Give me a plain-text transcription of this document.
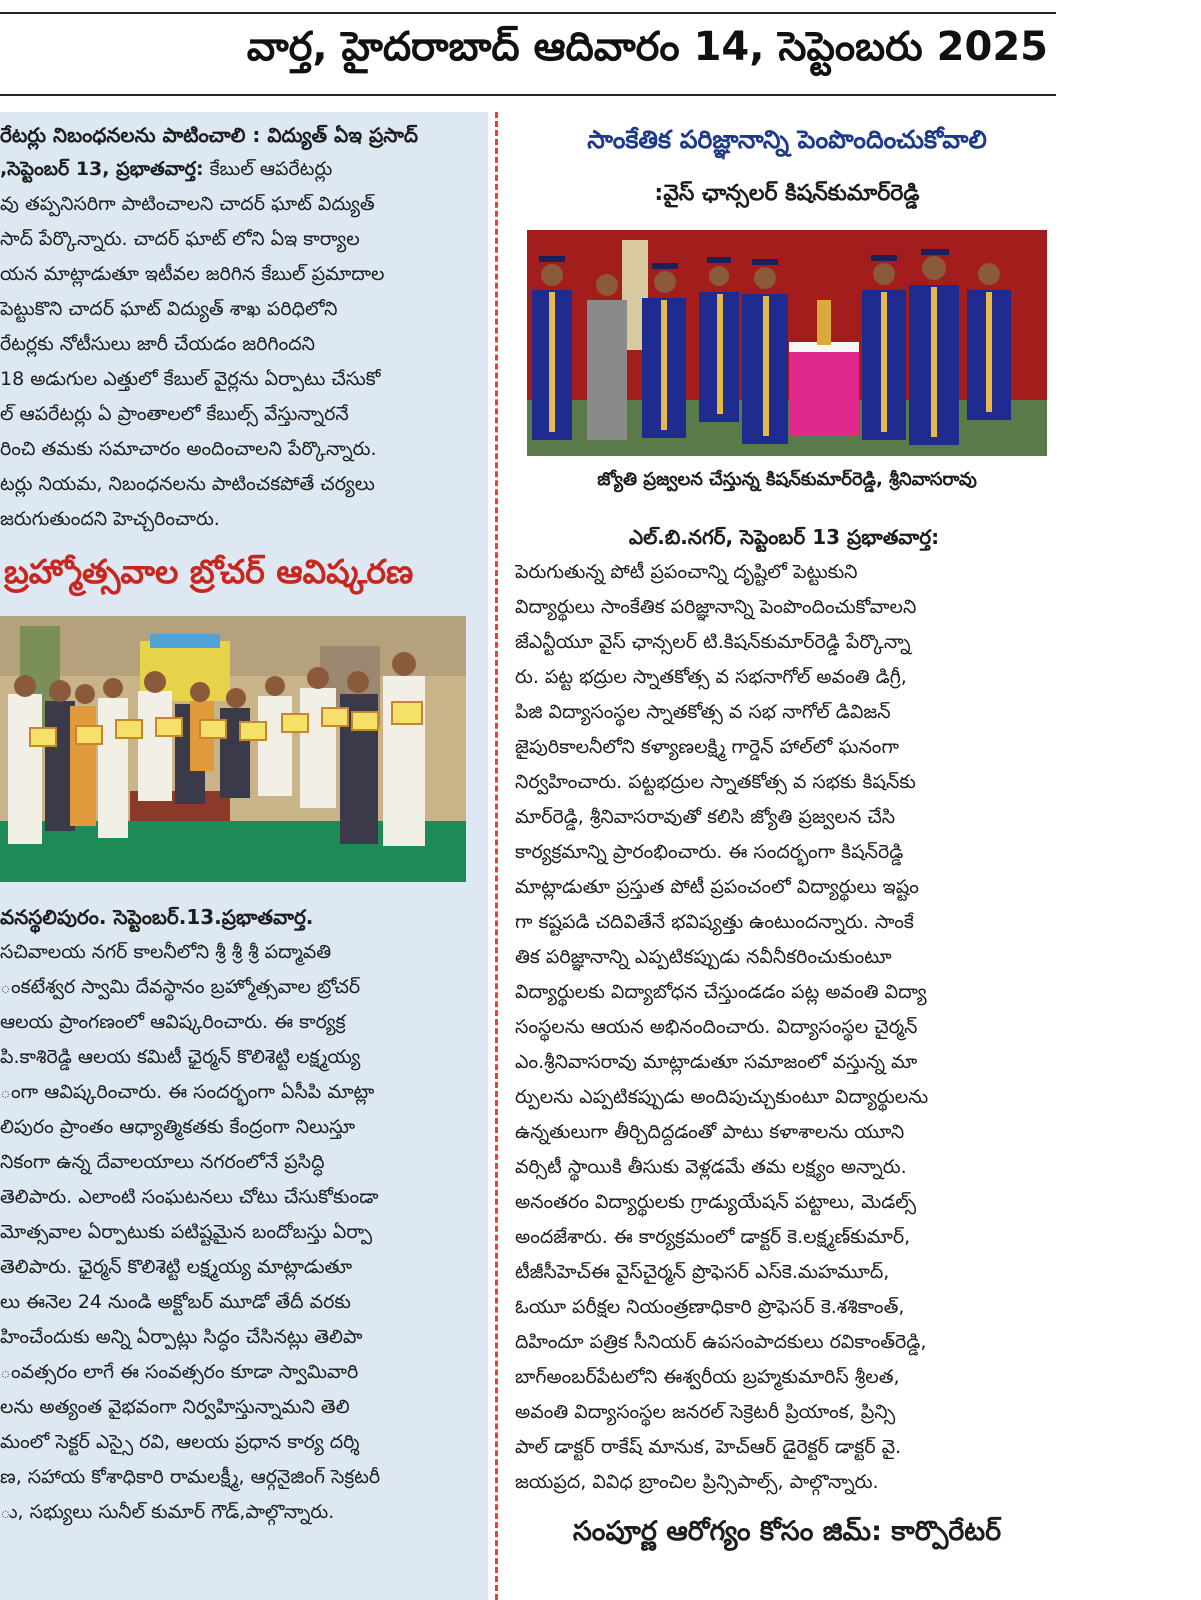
వార్త, హైదరాబాద్ ఆదివారం 14, సెప్టెంబరు 2025

రేటర్లు నిబంధనలను పాటించాలి : విద్యుత్ ఏఇ ప్రసాద్

,సెప్టెంబర్ 13, ప్రభాతవార్త: కేబుల్ ఆపరేటర్లు
వు తప్పనిసరిగా పాటించాలని చాదర్ ఘాట్ విద్యుత్
సాద్ పేర్కొన్నారు. చాదర్ ఘాట్ లోని ఏఇ కార్యాల
యన మాట్లాడుతూ ఇటీవల జరిగిన కేబుల్ ప్రమాదాల
పెట్టుకొని చాదర్ ఘాట్ విద్యుత్ శాఖ పరిధిలోని
రేటర్లకు నోటీసులు జారీ చేయడం జరిగిందని
18 అడుగుల ఎత్తులో కేబుల్ వైర్లను ఏర్పాటు చేసుకో
ల్ ఆపరేటర్లు ఏ ప్రాంతాలలో కేబుల్స్ వేస్తున్నారనే
రించి తమకు సమాచారం అందించాలని పేర్కొన్నారు.
టర్లు నియమ, నిబంధనలను పాటించకపోతే చర్యలు
జరుగుతుందని హెచ్చరించారు.

బ్రహ్మోత్సవాల బ్రోచర్ ఆవిష్కరణ

వనస్థలిపురం. సెప్టెంబర్.13.ప్రభాతవార్త.

సచివాలయ నగర్ కాలనీలోని శ్రీ శ్రీ శ్రీ పద్మావతి
ంకటేశ్వర స్వామి దేవస్థానం బ్రహ్మోత్సవాల బ్రోచర్
ఆలయ ప్రాంగణంలో ఆవిష్కరించారు. ఈ కార్యక్ర
పి.కాశిరెడ్డి ఆలయ కమిటీ ఛైర్మన్ కొలిశెట్టి లక్ష్మయ్య
ంగా ఆవిష్కరించారు. ఈ సందర్భంగా ఏసీపి మాట్లా
లిపురం ప్రాంతం ఆధ్యాత్మికతకు కేంద్రంగా నిలుస్తూ
నికంగా ఉన్న దేవాలయాలు నగరంలోనే ప్రసిద్ధి
తెలిపారు. ఎలాంటి సంఘటనలు చోటు చేసుకోకుండా
మోత్సవాల ఏర్పాటుకు పటిష్టమైన బందోబస్తు ఏర్పా
తెలిపారు. ఛైర్మన్ కొలిశెట్టి లక్ష్మయ్య మాట్లాడుతూ
లు ఈనెల 24 నుండి అక్టోబర్ మూడో తేదీ వరకు
హించేందుకు అన్ని ఏర్పాట్లు సిద్ధం చేసినట్లు తెలిపా
ంవత్సరం లాగే ఈ సంవత్సరం కూడా స్వామివారి
లను అత్యంత వైభవంగా నిర్వహిస్తున్నామని తెలి
మంలో సెక్టర్ ఎస్సై రవి, ఆలయ ప్రధాన కార్య దర్శి
ణ, సహాయ కోశాధికారి రామలక్ష్మీ, ఆర్గనైజింగ్ సెక్రటరీ
ు, సభ్యులు సునీల్ కుమార్ గౌడ్,పాల్గొన్నారు.

సాంకేతిక పరిజ్ఞానాన్ని పెంపొందించుకోవాలి

:వైస్ ఛాన్సలర్ కిషన్‌కుమార్‌రెడ్డి

జ్యోతి ప్రజ్వలన చేస్తున్న కిషన్‌కుమార్‌రెడ్డి, శ్రీనివాసరావు

ఎల్.బి.నగర్, సెప్టెంబర్ 13 ప్రభాతవార్త:

పెరుగుతున్న పోటీ ప్రపంచాన్ని దృష్టిలో పెట్టుకుని
విద్యార్థులు సాంకేతిక పరిజ్ఞానాన్ని పెంపొందించుకోవాలని
జేఎన్టీయూ వైస్ ఛాన్సలర్ టి.కిషన్‌కుమార్‌రెడ్డి పేర్కొన్నా
రు. పట్ట భద్రుల స్నాతకోత్స వ సభనాగోల్ అవంతి డిగ్రీ,
పిజి విద్యాసంస్థల స్నాతకోత్స వ సభ నాగోల్ డివిజన్
జైపురికాలనీలోని కళ్యాణలక్ష్మి గార్డెన్ హాల్‌లో ఘనంగా
నిర్వహించారు. పట్టభద్రుల స్నాతకోత్స వ సభకు కిషన్‌కు
మార్‌రెడ్డి, శ్రీనివాసరావుతో కలిసి జ్యోతి ప్రజ్వలన చేసి
కార్యక్రమాన్ని ప్రారంభించారు. ఈ సందర్భంగా కిషన్‌రెడ్డి
మాట్లాడుతూ ప్రస్తుత పోటీ ప్రపంచంలో విద్యార్థులు ఇష్టం
గా కష్టపడి చదివితేనే భవిష్యత్తు ఉంటుందన్నారు. సాంకే
తిక పరిజ్ఞానాన్ని ఎప్పటికప్పుడు నవీనీకరించుకుంటూ
విద్యార్థులకు విద్యాబోధన చేస్తుండడం పట్ల అవంతి విద్యా
సంస్థలను ఆయన అభినందించారు. విద్యాసంస్థల చైర్మన్
ఎం.శ్రీనివాసరావు మాట్లాడుతూ సమాజంలో వస్తున్న మా
ర్పులను ఎప్పటికప్పుడు అందిపుచ్చుకుంటూ విద్యార్థులను
ఉన్నతులుగా తీర్చిదిద్దడంతో పాటు కళాశాలను యూని
వర్సిటీ స్థాయికి తీసుకు వెళ్లడమే తమ లక్ష్యం అన్నారు.
అనంతరం విద్యార్థులకు గ్రాడ్యుయేషన్ పట్టాలు, మెడల్స్
అందజేశారు. ఈ కార్యక్రమంలో డాక్టర్ కె.లక్ష్మణ్‌కుమార్,
టీజీసీహెచ్ఈ వైస్‌చైర్మన్ ప్రొఫెసర్ ఎస్‌కె.మహమూద్,
ఓయూ పరీక్షల నియంత్రణాధికారి ప్రొఫెసర్ కె.శశికాంత్,
దిహిందూ పత్రిక సీనియర్ ఉపసంపాదకులు రవికాంత్‌రెడ్డి,
బాగ్అంబర్‌పేటలోని ఈశ్వరీయ బ్రహ్మకుమారిస్ శ్రీలత,
అవంతి విద్యాసంస్థల జనరల్ సెక్రెటరీ ప్రియాంక, ప్రిన్సి
పాల్ డాక్టర్ రాకేష్ మానుక, హెచ్‌ఆర్ డైరెక్టర్ డాక్టర్ వై.
జయప్రద, వివిధ బ్రాంచిల ప్రిన్సిపాల్స్, పాల్గొన్నారు.

సంపూర్ణ ఆరోగ్యం కోసం జిమ్: కార్పొరేటర్
